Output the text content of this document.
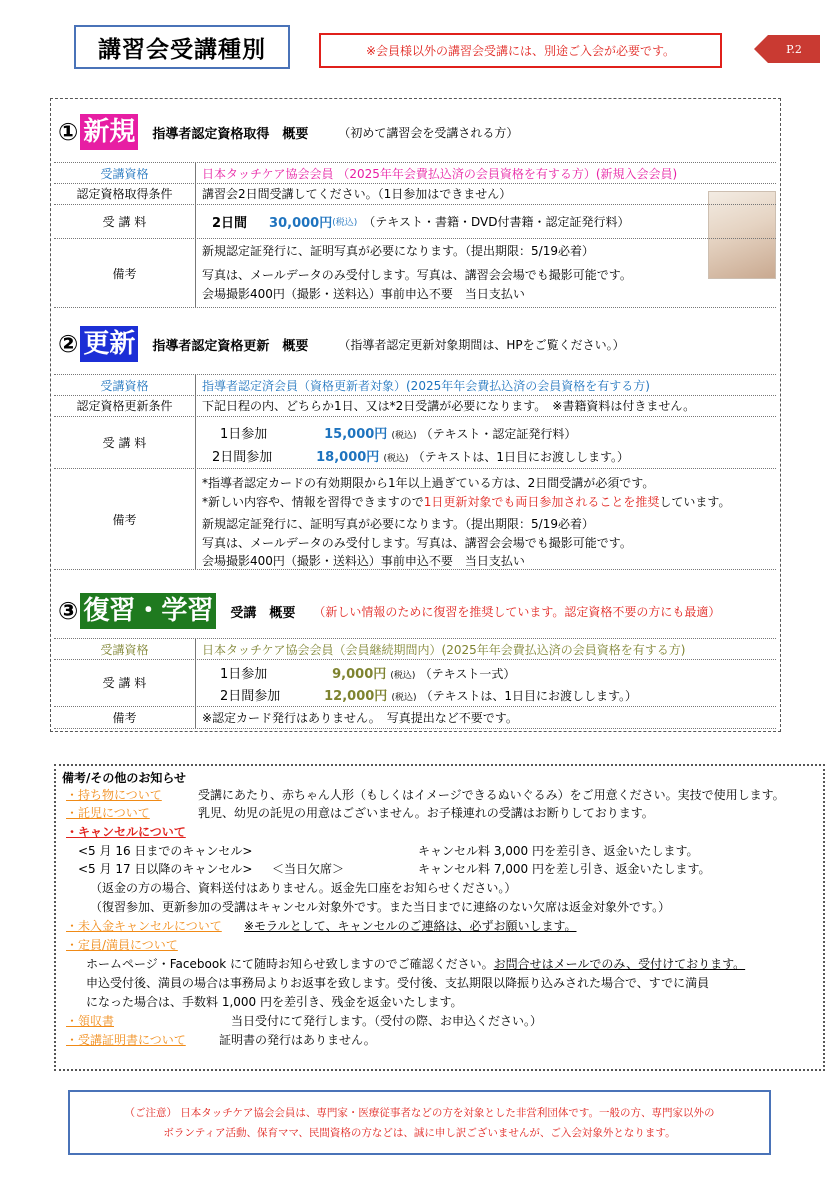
講習会受講種別	※会員様以外の講習会受講には、別途ご入会が必要です。	P.2
① 新規 指導者認定資格取得　概要	（初めて講習会を受講される方）
受講資格	日本タッチケア協会会員 （2025年年会費払込済の会員資格を有する方）(新規入会会員)
認定資格取得条件	講習会2日間受講してください。（1日参加はできません）
受 講 料	2日間 30,000円 (税込) （テキスト・書籍・DVD付書籍・認定証発行料）
備考
新規認定証発行に、証明写真が必要になります。（提出期限：5/19必着）
写真は、メールデータのみ受付します。写真は、講習会会場でも撮影可能です。
会場撮影400円（撮影・送料込）事前申込不要　当日支払い
② 更新 指導者認定資格更新　概要	（指導者認定更新対象期間は、HPをご覧ください。）
受講資格	指導者認定済会員（資格更新者対象）(2025年年会費払込済の会員資格を有する方)
認定資格更新条件	下記日程の内、どちらか1日、又は*2日受講が必要になります。　※書籍資料は付きません。
受 講 料
1日参加	15,000円 (税込) （テキスト・認定証発行料）
2日間参加	18,000円 (税込) （テキストは、1日目にお渡しします。）
備考
*指導者認定カードの有効期限から1年以上過ぎている方は、2日間受講が必須です。
*新しい内容や、情報を習得できますので1日更新対象でも両日参加されることを推奨しています。
新規認定証発行に、証明写真が必要になります。（提出期限：5/19必着）
写真は、メールデータのみ受付します。写真は、講習会会場でも撮影可能です。
会場撮影400円（撮影・送料込）事前申込不要　当日支払い
③ 復習・学習 受講　概要 （新しい情報のために復習を推奨しています。認定資格不要の方にも最適）
受講資格	日本タッチケア協会会員（会員継続期間内）(2025年年会費払込済の会員資格を有する方)
受 講 料
1日参加	9,000円 (税込) （テキスト一式）
2日間参加	12,000円 (税込) （テキストは、1日目にお渡しします。）
備考	※認定カード発行はありません。　写真提出など不要です。
備考/その他のお知らせ
・持ち物について	受講にあたり、赤ちゃん人形（もしくはイメージできるぬいぐるみ）をご用意ください。実技で使用します。
・託児について	乳児、幼児の託児の用意はございません。お子様連れの受講はお断りしております。
・キャンセルについて
<5 月 16 日までのキャンセル>	キャンセル料 3,000 円を差引き、返金いたします。
<5 月 17 日以降のキャンセル> ＜当日欠席＞	キャンセル料 7,000 円を差し引き、返金いたします。
（返金の方の場合、資料送付はありません。返金先口座をお知らせください。）
（復習参加、更新参加の受講はキャンセル対象外です。また当日までに連絡のない欠席は返金対象外です。）
・未入金キャンセルについて ※モラルとして、キャンセルのご連絡は、必ずお願いします。
・定員/満員について
ホームページ・Facebook にて随時お知らせ致しますのでご確認ください。お問合せはメールでのみ、受付けております。
申込受付後、満員の場合は事務局よりお返事を致します。受付後、支払期限以降振り込みされた場合で、すでに満員
になった場合は、手数料 1,000 円を差引き、残金を返金いたします。
・領収書	当日受付にて発行します。（受付の際、お申込ください。）
・受講証明書について	証明書の発行はありません。
（ご注意） 日本タッチケア協会会員は、専門家・医療従事者などの方を対象とした非営利団体です。一般の方、専門家以外の
ボランティア活動、保育ママ、民間資格の方などは、誠に申し訳ございませんが、ご入会対象外となります。
